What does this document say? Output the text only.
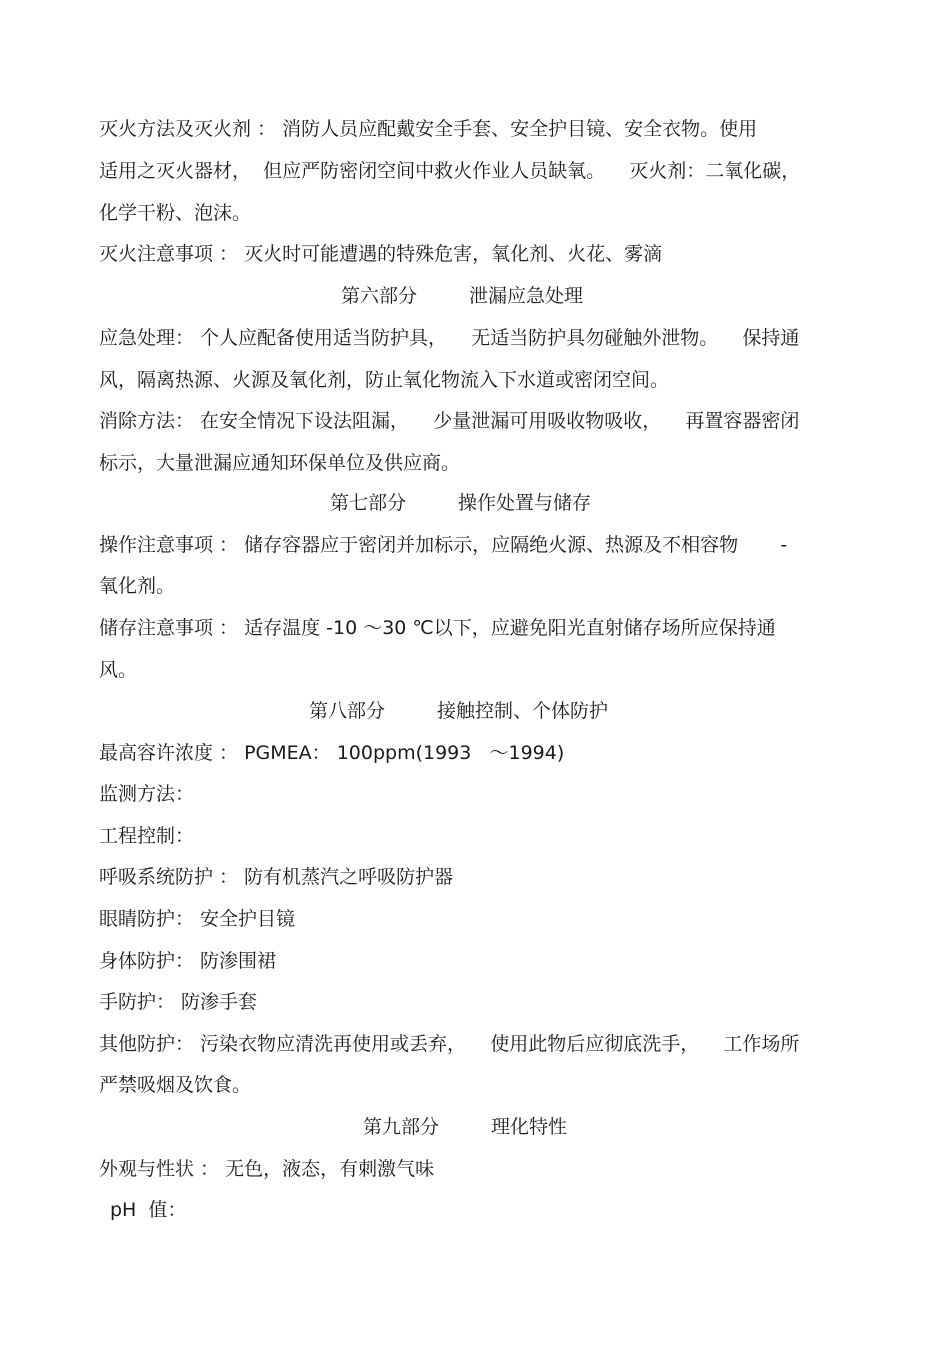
灭火方法及灭火剂 ： 消防人员应配戴安全手套、安全护目镜、安全衣物。使用

适用之灭火器材，  但应严防密闭空间中救火作业人员缺氧。    灭火剂：二氧化碳，

化学干粉、泡沫。

灭火注意事项 ： 灭火时可能遭遇的特殊危害，氧化剂、火花、雾滴

第六部分	泄漏应急处理

应急处理： 个人应配备使用适当防护具，    无适当防护具勿碰触外泄物。    保持通

风，隔离热源、火源及氧化剂，防止氧化物流入下水道或密闭空间。

消除方法： 在安全情况下设法阻漏，    少量泄漏可用吸收物吸收，    再置容器密闭

标示，大量泄漏应通知环保单位及供应商。

第七部分	操作处置与储存

操作注意事项 ： 储存容器应于密闭并加标示，应隔绝火源、热源及不相容物       -

氧化剂。

储存注意事项 ： 适存温度 -10 ～30 ℃以下，应避免阳光直射储存场所应保持通

风。

第八部分	接触控制、个体防护

最高容许浓度 ： PGMEA： 100ppm(1993   ～1994)

监测方法：

工程控制：

呼吸系统防护 ： 防有机蒸汽之呼吸防护器

眼睛防护： 安全护目镜

身体防护： 防渗围裙

手防护： 防渗手套

其他防护： 污染衣物应清洗再使用或丢弃，    使用此物后应彻底洗手，    工作场所

严禁吸烟及饮食。

第九部分	理化特性

外观与性状 ： 无色，液态，有刺激气味

pH  值：
